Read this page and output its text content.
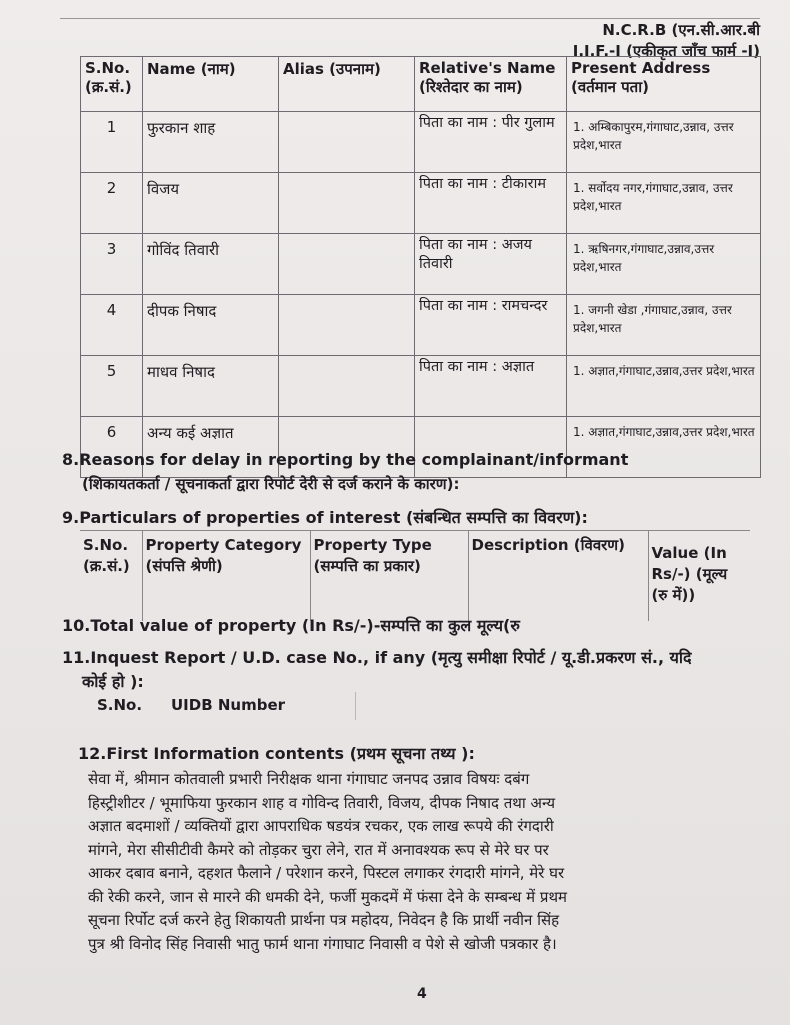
N.C.R.B (एन.सी.आर.बी
I.I.F.-I (एकीकृत जाँच फार्म -I)
S.No. (क्र.सं.)	Name (नाम)	Alias (उपनाम)	Relative's Name (रिश्तेदार का नाम)	Present Address (वर्तमान पता)
1	फुरकान शाह		पिता का नाम : पीर गुलाम	1. अम्बिकापुरम,गंगाघाट,उन्नाव, उत्तर प्रदेश,भारत
2	विजय		पिता का नाम : टीकाराम	1. सर्वोदय नगर,गंगाघाट,उन्नाव, उत्तर प्रदेश,भारत
3	गोविंद तिवारी		पिता का नाम : अजय तिवारी	1. ऋषिनगर,गंगाघाट,उन्नाव,उत्तर प्रदेश,भारत
4	दीपक निषाद		पिता का नाम : रामचन्दर	1. जगनी खेडा ,गंगाघाट,उन्नाव, उत्तर प्रदेश,भारत
5	माधव निषाद		पिता का नाम : अज्ञात	1. अज्ञात,गंगाघाट,उन्नाव,उत्तर प्रदेश,भारत
6	अन्य कई अज्ञात			1. अज्ञात,गंगाघाट,उन्नाव,उत्तर प्रदेश,भारत
8.Reasons for delay in reporting by the complainant/informant
(शिकायतकर्ता / सूचनाकर्ता द्वारा रिपोर्ट देरी से दर्ज कराने के कारण):
9.Particulars of properties of interest (संबन्धित सम्पत्ति का विवरण):
S.No. (क्र.सं.)	Property Category (संपत्ति श्रेणी)	Property Type (सम्पत्ति का प्रकार)	Description (विवरण)	Value (In Rs/-) (मूल्य (रु में))
10.Total value of property (In Rs/-)-सम्पत्ति का कुल मूल्य(रु
11.Inquest Report / U.D. case No., if any (मृत्यु समीक्षा रिपोर्ट / यू.डी.प्रकरण सं., यदि
कोई हो ):
S.No. UIDB Number
12.First Information contents (प्रथम सूचना तथ्य ):
सेवा में, श्रीमान कोतवाली प्रभारी निरीक्षक थाना गंगाघाट जनपद उन्नाव विषयः दबंग
हिस्ट्रीशीटर / भूमाफिया फुरकान शाह व गोविन्द तिवारी, विजय, दीपक निषाद तथा अन्य
अज्ञात बदमाशों / व्यक्तियों द्वारा आपराधिक षडयंत्र रचकर, एक लाख रूपये की रंगदारी
मांगने, मेरा सीसीटीवी कैमरे को तोड़कर चुरा लेने, रात में अनावश्यक रूप से मेरे घर पर
आकर दबाव बनाने, दहशत फैलाने / परेशान करने, पिस्टल लगाकर रंगदारी मांगने, मेरे घर
की रेकी करने, जान से मारने की धमकी देने, फर्जी मुकदमें में फंसा देने के सम्बन्ध में प्रथम
सूचना रिर्पोट दर्ज करने हेतु शिकायती प्रार्थना पत्र महोदय, निवेदन है कि प्रार्थी नवीन सिंह
पुत्र श्री विनोद सिंह निवासी भातु फार्म थाना गंगाघाट निवासी व पेशे से खोजी पत्रकार है।
4
